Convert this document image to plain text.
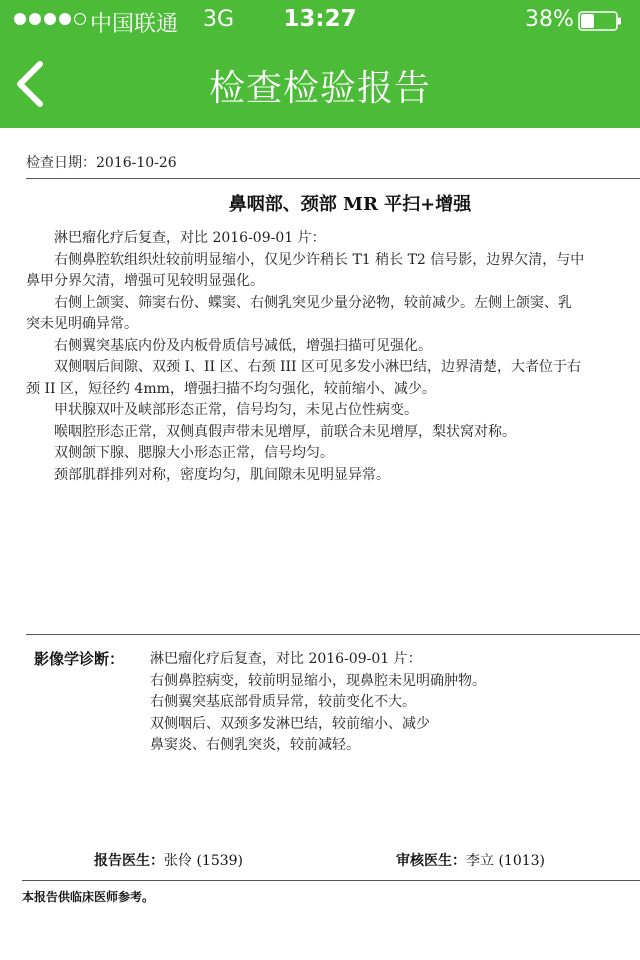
中国联通 3G	13:27	38%
检查检验报告
检查日期：2016-10-26
鼻咽部、颈部 MR 平扫+增强

淋巴瘤化疗后复查，对比 2016-09-01 片：

右侧鼻腔软组织灶较前明显缩小，仅见少许稍长 T1 稍长 T2 信号影，边界欠清，与中

鼻甲分界欠清，增强可见较明显强化。

右侧上颌窦、筛窦右份、蝶窦、右侧乳突见少量分泌物，较前减少。左侧上颌窦、乳

突未见明确异常。

右侧翼突基底内份及内板骨质信号减低，增强扫描可见强化。

双侧咽后间隙、双颈 I、II 区、右颈 III 区可见多发小淋巴结，边界清楚，大者位于右

颈 II 区，短径约 4mm，增强扫描不均匀强化，较前缩小、减少。

甲状腺双叶及峡部形态正常，信号均匀，未见占位性病变。

喉咽腔形态正常，双侧真假声带未见增厚，前联合未见增厚，梨状窝对称。

双侧颌下腺、腮腺大小形态正常，信号均匀。

颈部肌群排列对称，密度均匀，肌间隙未见明显异常。

影像学诊断： 淋巴瘤化疗后复查，对比 2016-09-01 片：
右侧鼻腔病变，较前明显缩小，现鼻腔未见明确肿物。
右侧翼突基底部骨质异常，较前变化不大。
双侧咽后、双颈多发淋巴结，较前缩小、减少
鼻窦炎、右侧乳突炎，较前减轻。
报告医生：张伶 (1539)	审核医生：李立 (1013)
本报告供临床医师参考。
